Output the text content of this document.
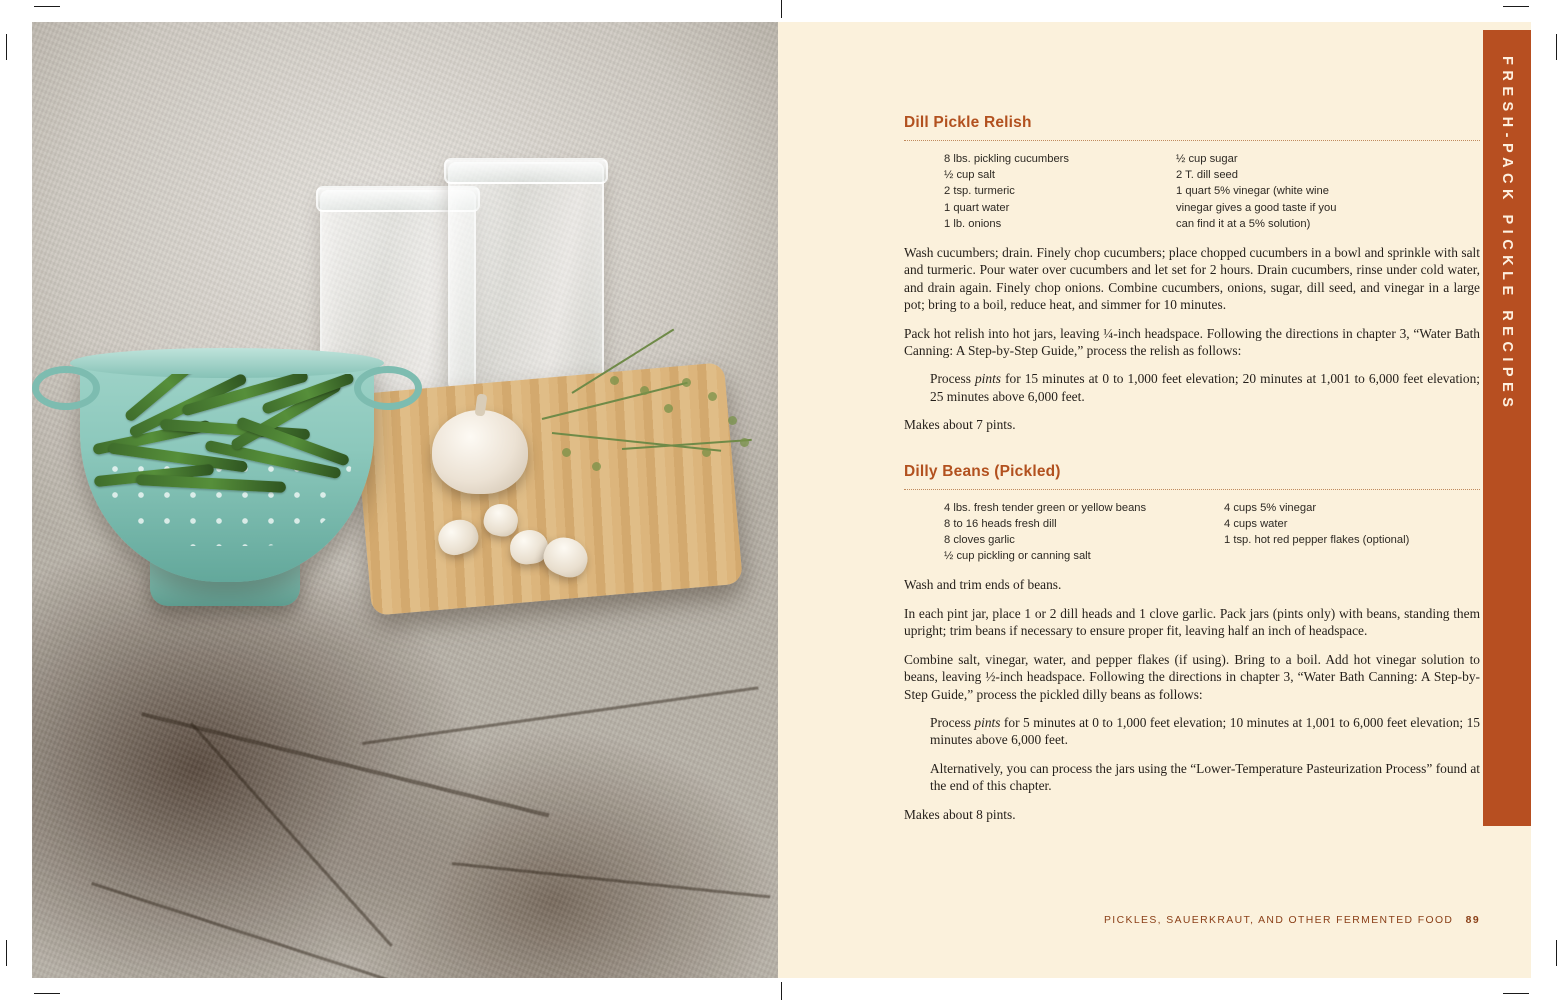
FRESH-PACK PICKLE RECIPES
Dill Pickle Relish
8 lbs. pickling cucumbers
½ cup salt
2 tsp. turmeric
1 quart water
1 lb. onions
½ cup sugar
2 T. dill seed
1 quart 5% vinegar (white wine
vinegar gives a good taste if you
can find it at a 5% solution)

Wash cucumbers; drain. Finely chop cucumbers; place chopped cucumbers in a bowl and sprinkle with salt and turmeric. Pour water over cucumbers and let set for 2 hours. Drain cucumbers, rinse under cold water, and drain again. Finely chop onions. Combine cucumbers, onions, sugar, dill seed, and vinegar in a large pot; bring to a boil, reduce heat, and simmer for 10 minutes.

Pack hot relish into hot jars, leaving ¼-inch headspace. Following the directions in chapter 3, “Water Bath Canning: A Step-by-Step Guide,” process the relish as follows:

Process pints for 15 minutes at 0 to 1,000 feet elevation; 20 minutes at 1,001 to 6,000 feet elevation; 25 minutes above 6,000 feet.

Makes about 7 pints.

Dilly Beans (Pickled)
4 lbs. fresh tender green or yellow beans
8 to 16 heads fresh dill
8 cloves garlic
½ cup pickling or canning salt
4 cups 5% vinegar
4 cups water
1 tsp. hot red pepper flakes (optional)

Wash and trim ends of beans.

In each pint jar, place 1 or 2 dill heads and 1 clove garlic. Pack jars (pints only) with beans, standing them upright; trim beans if necessary to ensure proper fit, leaving half an inch of headspace.

Combine salt, vinegar, water, and pepper flakes (if using). Bring to a boil. Add hot vinegar solution to beans, leaving ½-inch headspace. Following the directions in chapter 3, “Water Bath Canning: A Step-by-Step Guide,” process the pickled dilly beans as follows:

Process pints for 5 minutes at 0 to 1,000 feet elevation; 10 minutes at 1,001 to 6,000 feet elevation; 15 minutes above 6,000 feet.

Alternatively, you can process the jars using the “Lower-Temperature Pasteurization Process” found at the end of this chapter.

Makes about 8 pints.

PICKLES, SAUERKRAUT, AND OTHER FERMENTED FOOD 89
